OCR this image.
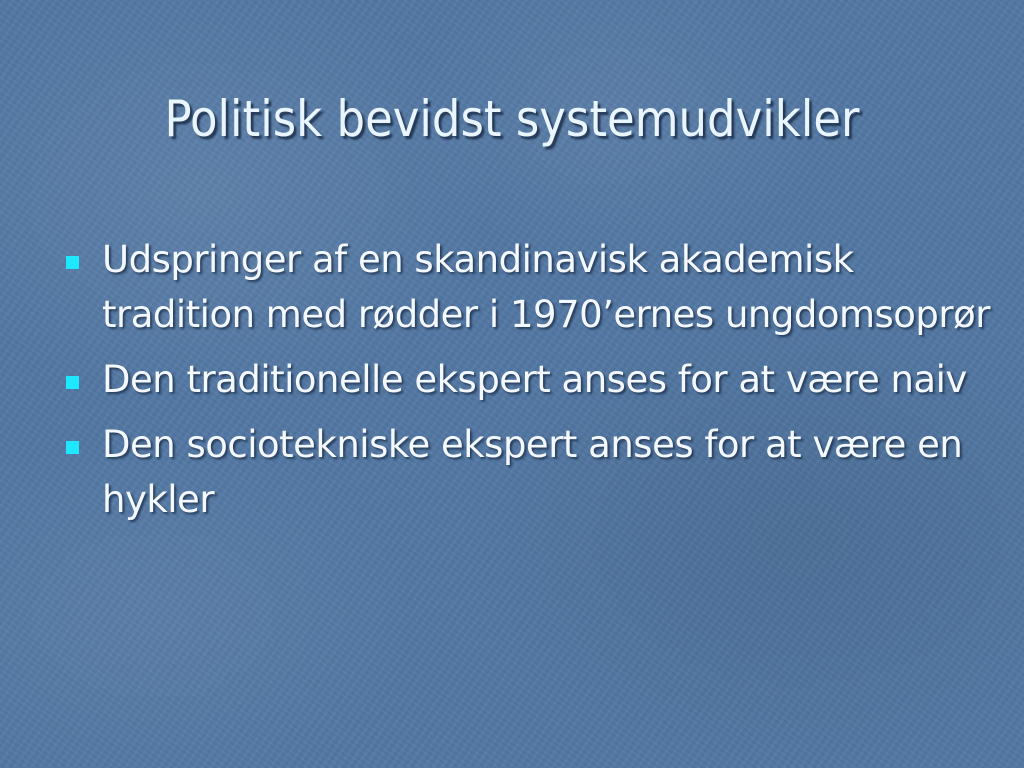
Politisk bevidst systemudvikler
Udspringer af en skandinavisk akademisk tradition med rødder i 1970’ernes ungdomsoprør
Den traditionelle ekspert anses for at være naiv
Den sociotekniske ekspert anses for at være en hykler
